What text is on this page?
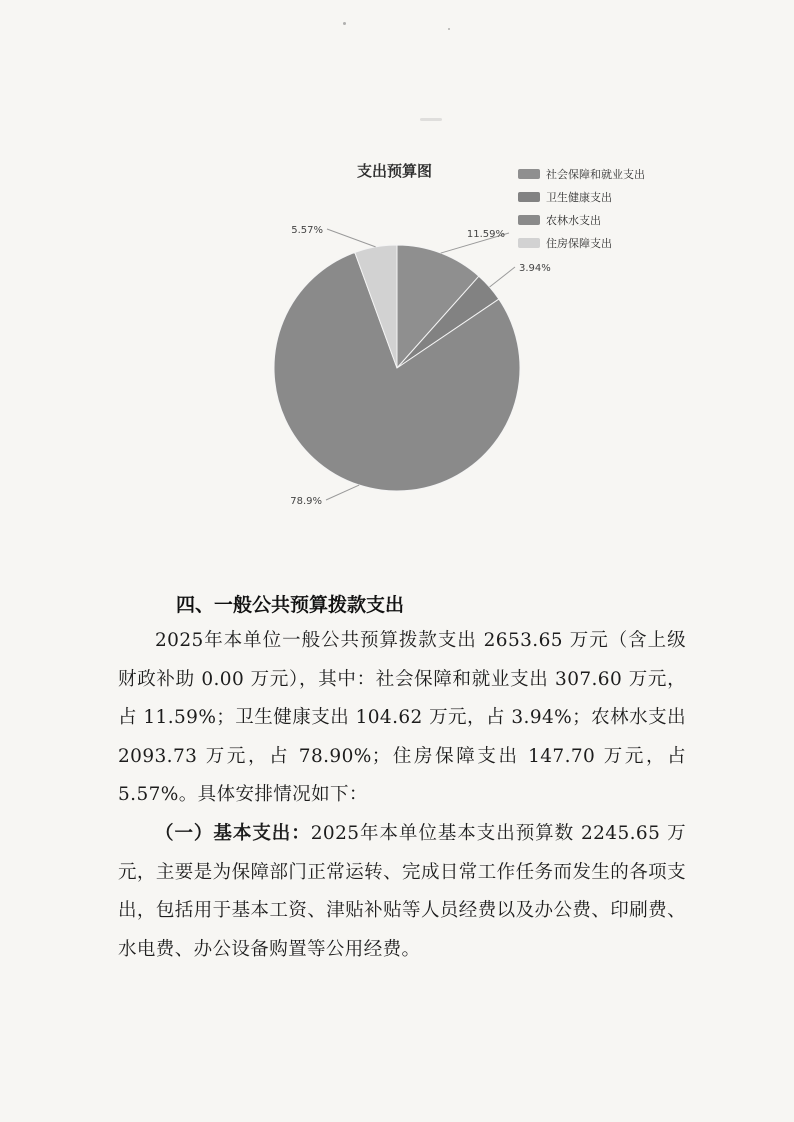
支出预算图	社会保障和就业支出
卫生健康支出
农林水支出
住房保障支出
11.59%
3.94%
78.9%
5.57%
四、一般公共预算拨款支出

2025年本单位一般公共预算拨款支出 2653.65 万元（含上级财政补助 0.00 万元），其中：社会保障和就业支出 307.60 万元，占 11.59%；卫生健康支出 104.62 万元，占 3.94%；农林水支出 2093.73 万元，占 78.90%；住房保障支出 147.70 万元，占 5.57%。具体安排情况如下：

（一）基本支出：2025年本单位基本支出预算数 2245.65 万元，主要是为保障部门正常运转、完成日常工作任务而发生的各项支出，包括用于基本工资、津贴补贴等人员经费以及办公费、印刷费、水电费、办公设备购置等公用经费。
